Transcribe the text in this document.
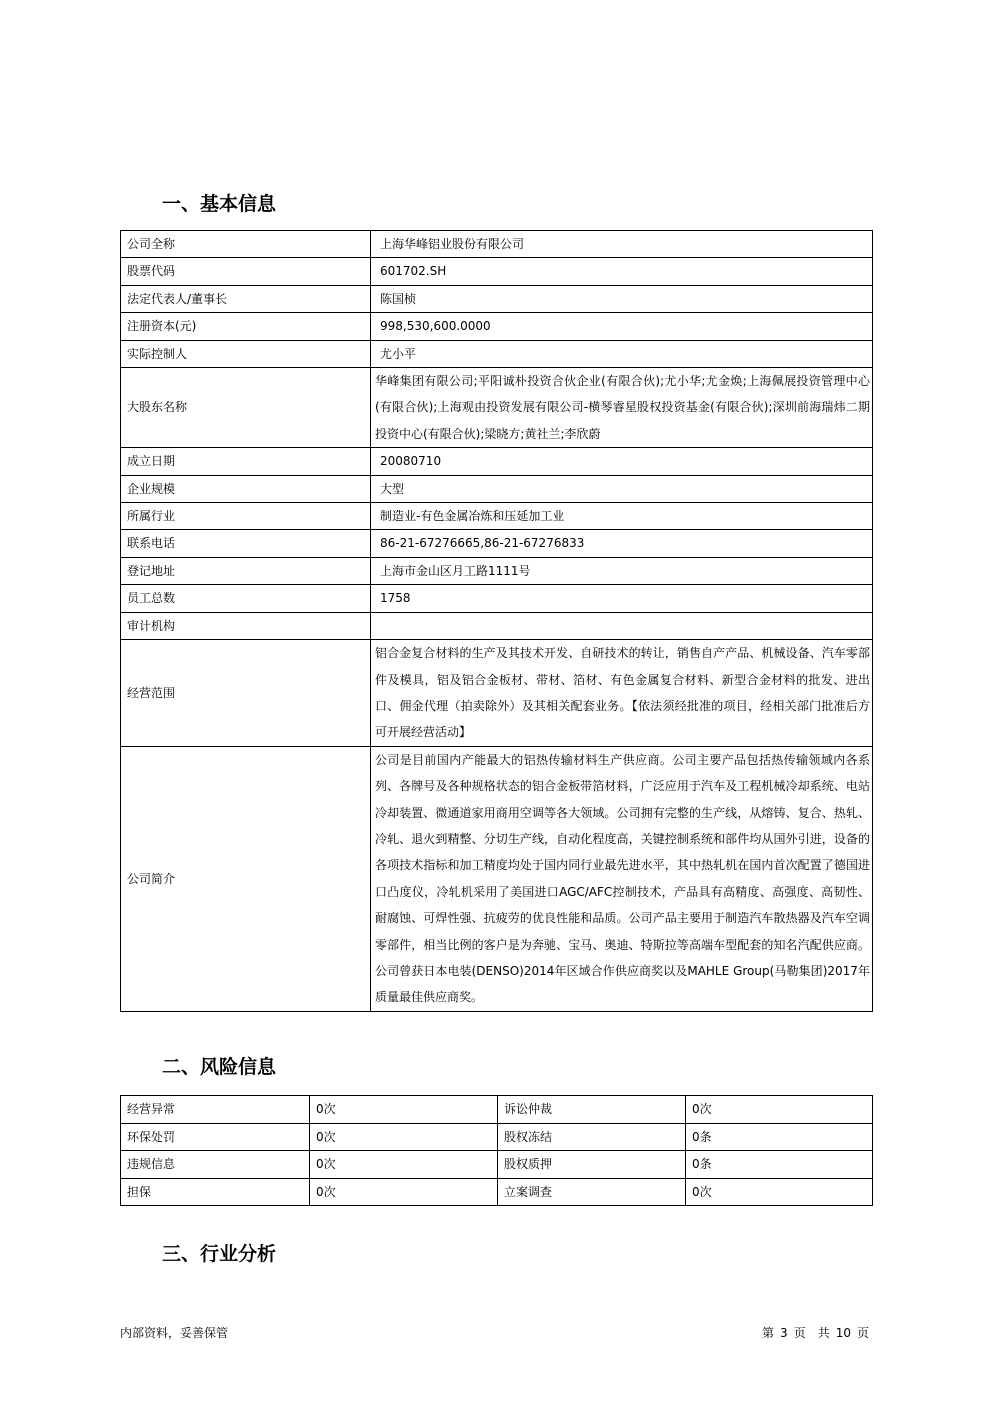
一、基本信息
公司全称	上海华峰铝业股份有限公司
股票代码	601702.SH
法定代表人/董事长	陈国桢
注册资本(元)	998,530,600.0000
实际控制人	尤小平
大股东名称	华峰集团有限公司;平阳诚朴投资合伙企业(有限合伙);尤小华;尤金焕;上海佩展投资管理中心(有限合伙);上海观由投资发展有限公司-横琴睿星股权投资基金(有限合伙);深圳前海瑞炜二期投资中心(有限合伙);梁晓方;黄社兰;李欣蔚
成立日期	20080710
企业规模	大型
所属行业	制造业-有色金属冶炼和压延加工业
联系电话	86-21-67276665,86-21-67276833
登记地址	上海市金山区月工路1111号
员工总数	1758
审计机构	
经营范围	铝合金复合材料的生产及其技术开发、自研技术的转让，销售自产产品、机械设备、汽车零部件及模具，铝及铝合金板材、带材、箔材、有色金属复合材料、新型合金材料的批发、进出口、佣金代理（拍卖除外）及其相关配套业务。【依法须经批准的项目，经相关部门批准后方可开展经营活动】
公司简介	公司是目前国内产能最大的铝热传输材料生产供应商。公司主要产品包括热传输领域内各系列、各牌号及各种规格状态的铝合金板带箔材料，广泛应用于汽车及工程机械冷却系统、电站冷却装置、微通道家用商用空调等各大领域。公司拥有完整的生产线，从熔铸、复合、热轧、冷轧、退火到精整、分切生产线，自动化程度高，关键控制系统和部件均从国外引进，设备的各项技术指标和加工精度均处于国内同行业最先进水平，其中热轧机在国内首次配置了德国进口凸度仪，冷轧机采用了美国进口AGC/AFC控制技术，产品具有高精度、高强度、高韧性、耐腐蚀、可焊性强、抗疲劳的优良性能和品质。公司产品主要用于制造汽车散热器及汽车空调零部件，相当比例的客户是为奔驰、宝马、奥迪、特斯拉等高端车型配套的知名汽配供应商。公司曾获日本电装(DENSO)2014年区域合作供应商奖以及MAHLE Group(马勒集团)2017年质量最佳供应商奖。
二、风险信息
经营异常	0次	诉讼仲裁	0次
环保处罚	0次	股权冻结	0条
违规信息	0次	股权质押	0条
担保	0次	立案调查	0次
三、行业分析
内部资料，妥善保管	第 3 页　共 10 页
